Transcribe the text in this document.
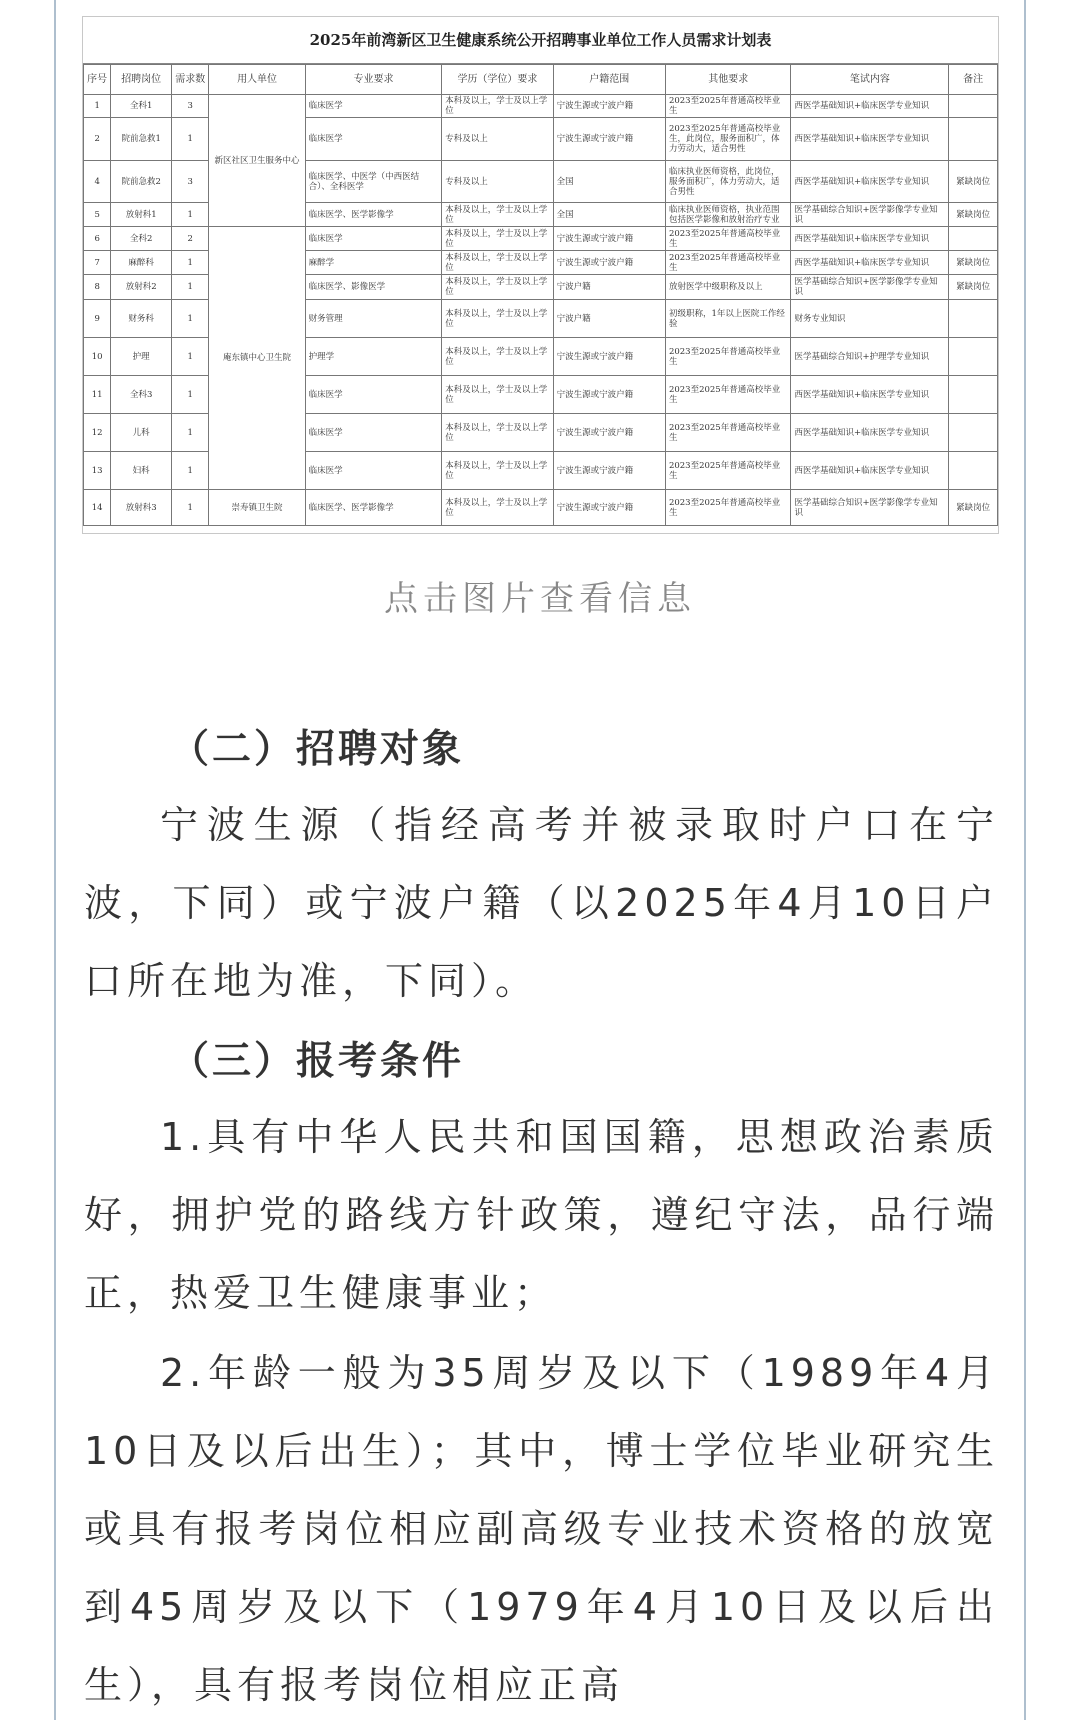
2025年前湾新区卫生健康系统公开招聘事业单位工作人员需求计划表
序号	招聘岗位	需求数	用人单位	专业要求	学历（学位）要求	户籍范围	其他要求	笔试内容	备注
1	全科1	3	新区社区卫生服务中心	临床医学	本科及以上，学士及以上学位	宁波生源或宁波户籍	2023至2025年普通高校毕业生	西医学基础知识+临床医学专业知识	
2	院前急救1	1		临床医学	专科及以上	宁波生源或宁波户籍	2023至2025年普通高校毕业生，此岗位，服务面积广，体力劳动大，适合男性	西医学基础知识+临床医学专业知识	
4	院前急救2	3		临床医学、中医学（中西医结合）、全科医学	专科及以上	全国	临床执业医师资格，此岗位，服务面积广，体力劳动大，适合男性	西医学基础知识+临床医学专业知识	紧缺岗位
5	放射科1	1		临床医学、医学影像学	本科及以上，学士及以上学位	全国	临床执业医师资格，执业范围包括医学影像和放射治疗专业	医学基础综合知识+医学影像学专业知识	紧缺岗位
6	全科2	2	庵东镇中心卫生院	临床医学	本科及以上，学士及以上学位	宁波生源或宁波户籍	2023至2025年普通高校毕业生	西医学基础知识+临床医学专业知识	
7	麻醉科	1		麻醉学	本科及以上，学士及以上学位	宁波生源或宁波户籍	2023至2025年普通高校毕业生	西医学基础知识+临床医学专业知识	紧缺岗位
8	放射科2	1		临床医学、影像医学	本科及以上，学士及以上学位	宁波户籍	放射医学中级职称及以上	医学基础综合知识+医学影像学专业知识	紧缺岗位
9	财务科	1		财务管理	本科及以上，学士及以上学位	宁波户籍	初级职称，1年以上医院工作经验	财务专业知识	
10	护理	1		护理学	本科及以上，学士及以上学位	宁波生源或宁波户籍	2023至2025年普通高校毕业生	医学基础综合知识+护理学专业知识	
11	全科3	1		临床医学	本科及以上，学士及以上学位	宁波生源或宁波户籍	2023至2025年普通高校毕业生	西医学基础知识+临床医学专业知识	
12	儿科	1		临床医学	本科及以上，学士及以上学位	宁波生源或宁波户籍	2023至2025年普通高校毕业生	西医学基础知识+临床医学专业知识	
13	妇科	1		临床医学	本科及以上，学士及以上学位	宁波生源或宁波户籍	2023至2025年普通高校毕业生	西医学基础知识+临床医学专业知识	
14	放射科3	1	崇寿镇卫生院	临床医学、医学影像学	本科及以上，学士及以上学位	宁波生源或宁波户籍	2023至2025年普通高校毕业生	医学基础综合知识+医学影像学专业知识	紧缺岗位
点击图片查看信息
（二）招聘对象
宁波生源（指经高考并被录取时户口在宁波，下同）或宁波户籍（以2025年4月10日户口所在地为准，下同）。
（三）报考条件
1.具有中华人民共和国国籍，思想政治素质好，拥护党的路线方针政策，遵纪守法，品行端正，热爱卫生健康事业；
2.年龄一般为35周岁及以下（1989年4月10日及以后出生）；其中，博士学位毕业研究生或具有报考岗位相应副高级专业技术资格的放宽到45周岁及以下（1979年4月10日及以后出生），具有报考岗位相应正高
